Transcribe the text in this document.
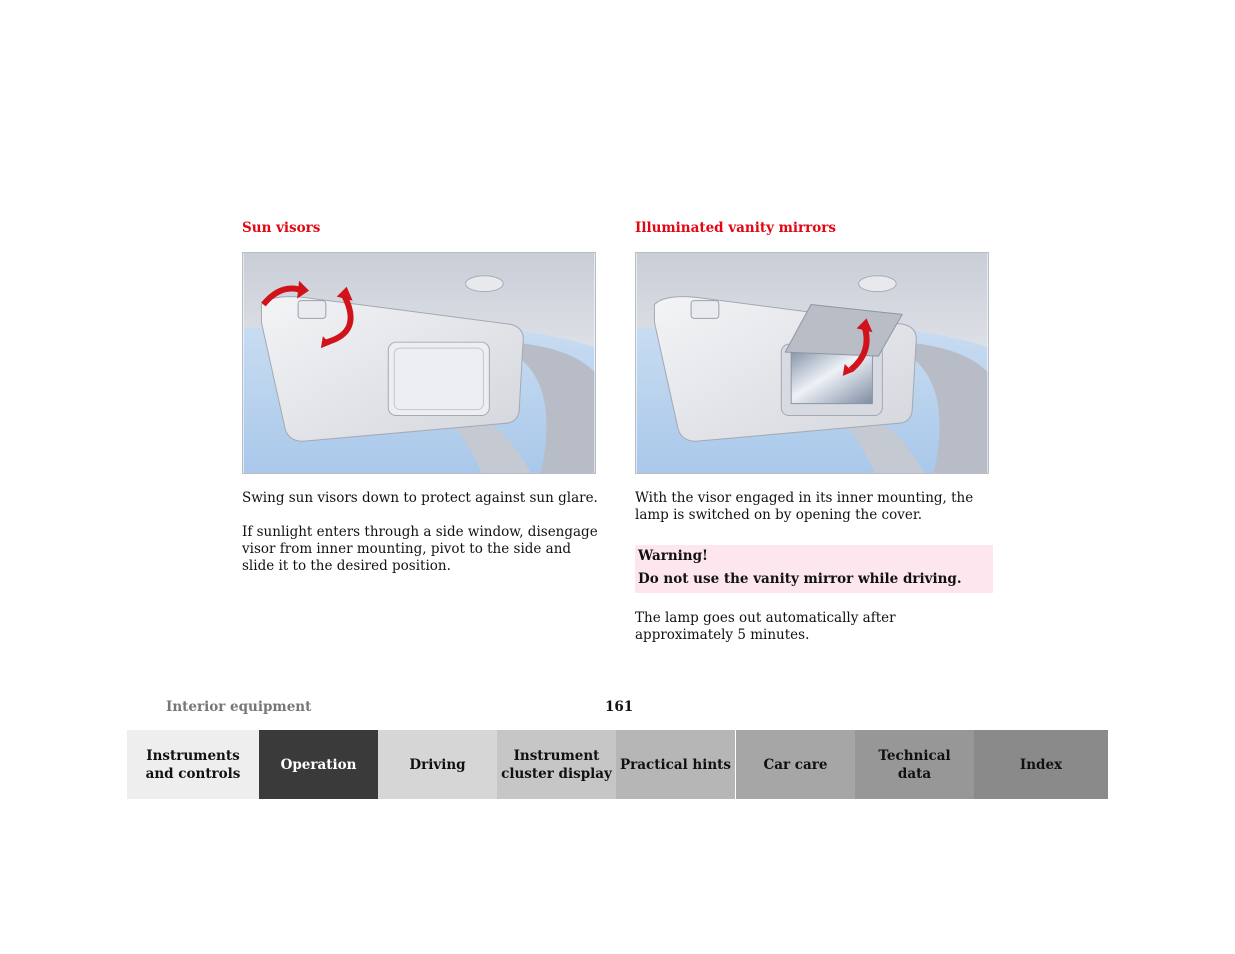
Sun visors

Swing sun visors down to protect against sun glare.

If sunlight enters through a side window, disengage visor from inner mounting, pivot to the side and slide it to the desired position.

Illuminated vanity mirrors

With the visor engaged in its inner mounting, the lamp is switched on by opening the cover.

Warning!
Do not use the vanity mirror while driving.

The lamp goes out automatically after approximately 5 minutes.

Interior equipment	161
Instruments
and controls
Operation	Driving
Instrument
cluster display
Practical hints Car care
Technical
data
Index
